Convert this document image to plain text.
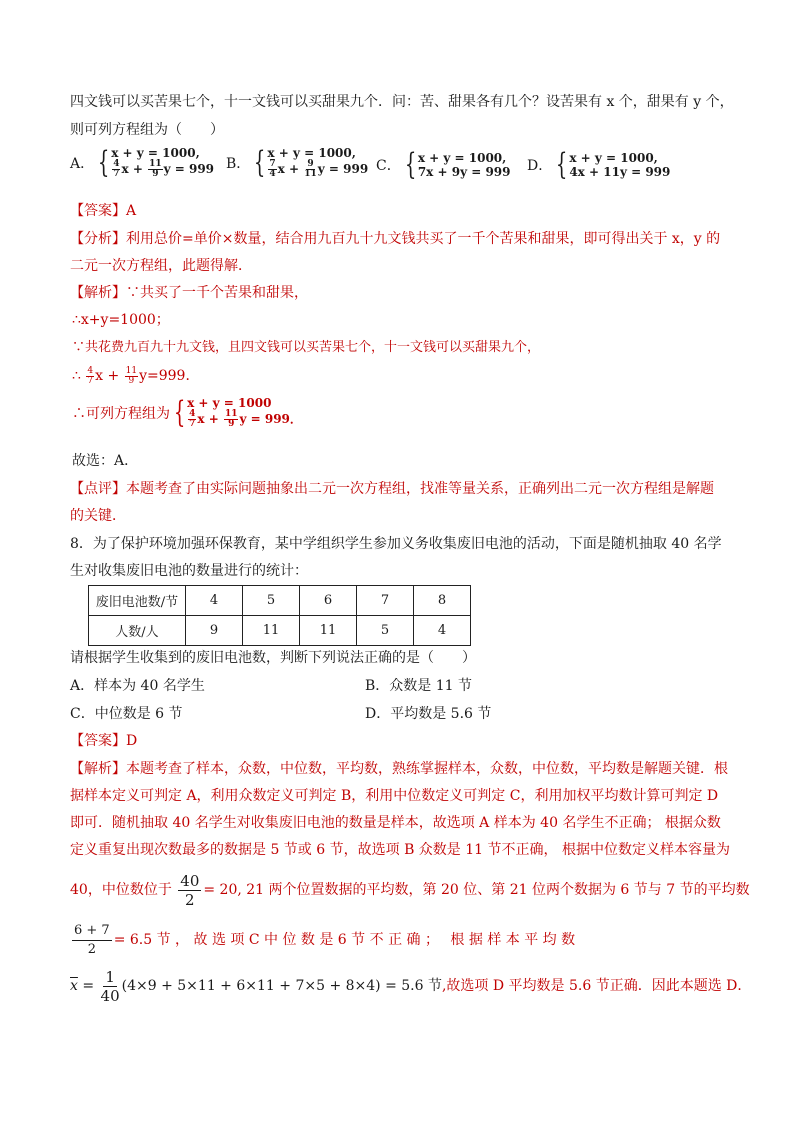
四文钱可以买苦果七个，十一文钱可以买甜果九个．问：苦、甜果各有几个？设苦果有 x 个，甜果有 y 个，
则可列方程组为（　　）
A． { x + y = 1000,
$\frac{4}{7}$ $x + \frac{11}{9}$ y = 999 B． { x + y = 1000,
$\frac{7}{4}$ $x + \frac{9}{11}$ y = 999 C． { x + y = 1000,
7x + 9y = 999 D． { x + y = 1000,
4x + 11y = 999
【答案】A
【分析】利用总价=单价×数量，结合用九百九十九文钱共买了一千个苦果和甜果，即可得出关于 x，y 的
二元一次方程组，此题得解．
【解析】∵共买了一千个苦果和甜果，
∴x+y=1000；
∵共花费九百九十九文钱，且四文钱可以买苦果七个，十一文钱可以买甜果九个，
∴ $\frac{4}{7}$ $x + \frac{11}{9} y=999$．
∴可列方程组为 { x + y = 1000
$\frac{4}{7}$ $x + \frac{11}{9}$ y = 999．
故选：A．
【点评】本题考查了由实际问题抽象出二元一次方程组，找准等量关系，正确列出二元一次方程组是解题
的关键．
8．为了保护环境加强环保教育，某中学组织学生参加义务收集废旧电池的活动，下面是随机抽取 40 名学
生对收集废旧电池的数量进行的统计：
废旧电池数/节	4	5	6	7	8
人数/人	9	11	11	5	4
请根据学生收集到的废旧电池数，判断下列说法正确的是（　　）
A．样本为 40 名学生	B．众数是 11 节
C．中位数是 6 节	D．平均数是 5.6 节
【答案】D
【解析】本题考查了样本，众数，中位数，平均数，熟练掌握样本，众数，中位数，平均数是解题关键．根
据样本定义可判定 A，利用众数定义可判定 B，利用中位数定义可判定 C，利用加权平均数计算可判定 D
即可．随机抽取 40 名学生对收集废旧电池的数量是样本，故选项 A 样本为 40 名学生不正确； 根据众数
定义重复出现次数最多的数据是 5 节或 6 节，故选项 B 众数是 11 节不正确， 根据中位数定义样本容量为
40，中位数位于 $\frac{40}{2} = 20$, 21 两个位置数据的平均数，第 20 位、第 21 位两个数据为 6 节与 7 节的平均数
$\frac{6 + 7}{2} = 6.5$ 节 ， 故 选 项 C 中 位 数 是 6 节 不 正 确 ；　 根 据 样 本 平 均 数
$\overline{x} = \frac{1}{40} (4\times 9 + 5\times 11 + 6\times 11 + 7\times 5 + 8\times 4) = 5.6$ 节,故选项 D 平均数是 5.6 节正确．因此本题选 D．
